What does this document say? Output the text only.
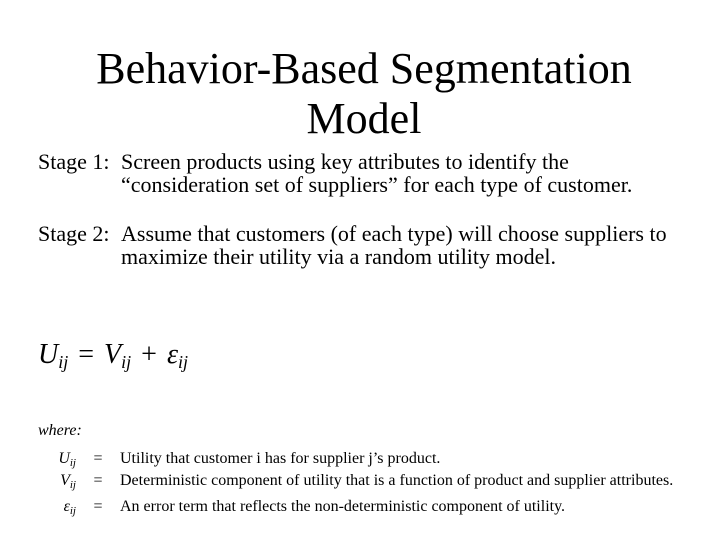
Behavior-Based Segmentation
Model
Stage 1: Screen products using key attributes to identify the “consideration set of suppliers” for each type of customer.
Stage 2: Assume that customers (of each type) will choose suppliers to maximize their utility via a random utility model.
$U_{ij} = V_{ij} + \varepsilon_{ij}$
where:
$U_{ij}$	=	Utility that customer i has for supplier j’s product.
$V_{ij}$	=	Deterministic component of utility that is a function of product and supplier attributes.
$\varepsilon_{ij}$	=	An error term that reflects the non-deterministic component of utility.
